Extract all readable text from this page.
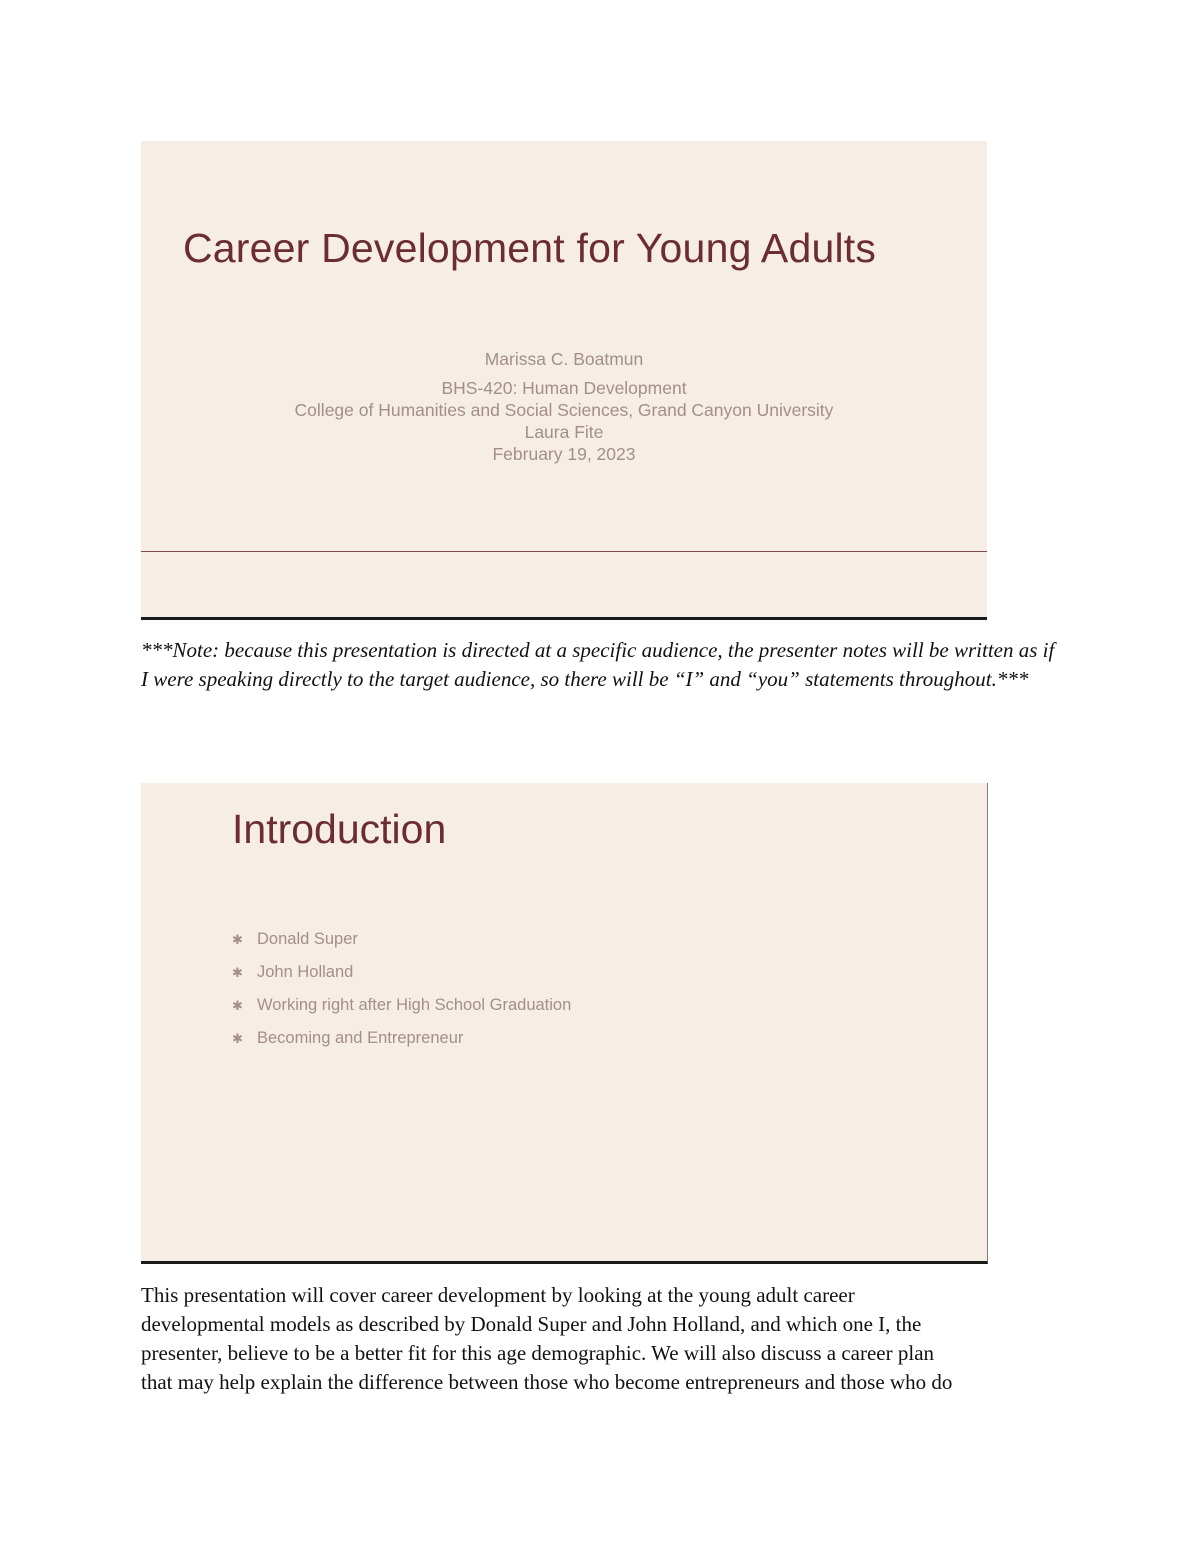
Career Development for Young Adults
Marissa C. Boatmun
BHS-420: Human Development
College of Humanities and Social Sciences, Grand Canyon University
Laura Fite
February 19, 2023

***Note: because this presentation is directed at a specific audience, the presenter notes will be written as if I were speaking directly to the target audience, so there will be “I” and “you” statements throughout.***

Introduction
✱ Donald Super
✱ John Holland
✱ Working right after High School Graduation
✱ Becoming and Entrepreneur
This presentation will cover career development by looking at the young adult career
developmental models as described by Donald Super and John Holland, and which one I, the
presenter, believe to be a better fit for this age demographic. We will also discuss a career plan
that may help explain the difference between those who become entrepreneurs and those who do
